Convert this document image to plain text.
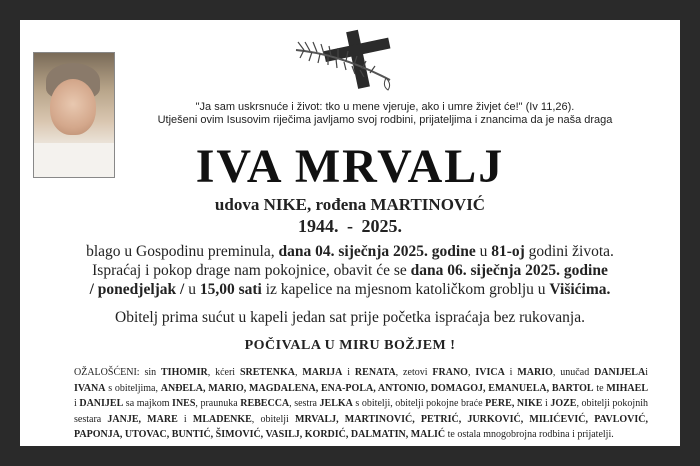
"Ja sam uskrsnuće i život: tko u mene vjeruje, ako i umre živjet će!" (Iv 11,26).
Utješeni ovim Isusovim riječima javljamo svoj rodbini, prijateljima i znancima da je naša draga
IVA MRVALJ
udova NIKE, rođena MARTINOVIĆ
1944. - 2025.
blago u Gospodinu preminula, dana 04. siječnja 2025. godine u 81-oj godini života.
Ispraćaj i pokop drage nam pokojnice, obavit će se dana 06. siječnja 2025. godine
/ ponedjeljak / u 15,00 sati iz kapelice na mjesnom katoličkom groblju u Višićima.
Obitelj prima sućut u kapeli jedan sat prije početka ispraćaja bez rukovanja.
POČIVALA U MIRU BOŽJEM !
OŽALOŠĆENI: sin TIHOMIR, kćeri SRETENKA, MARIJA i RENATA, zetovi FRANO, IVICA i MARIO, unučad DANIJELAi IVANA s obiteljima, ANĐELA, MARIO, MAGDALENA, ENA-POLA, ANTONIO, DOMAGOJ, EMANUELA, BARTOL te MIHAEL i DANIJEL sa majkom INES, praunuka REBECCA, sestra JELKA s obitelji, obitelji pokojne braće PERE, NIKE i JOZE, obitelji pokojnih sestara JANJE, MARE i MLADENKE, obitelji MRVALJ, MARTINOVIĆ, PETRIĆ, JURKOVIĆ, MILIĆEVIĆ, PAVLOVIĆ, PAPONJA, UTOVAC, BUNTIĆ, ŠIMOVIĆ, VASILJ, KORDIĆ, DALMATIN, MALIĆ te ostala mnogobrojna rodbina i prijatelji.
